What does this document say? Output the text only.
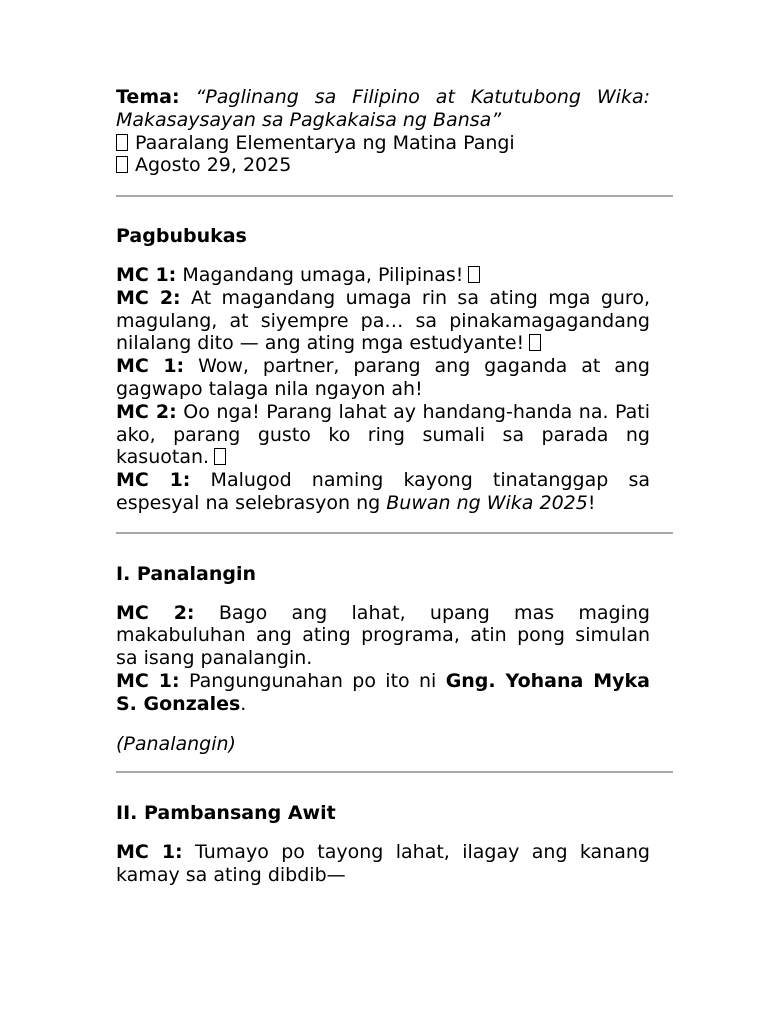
Tema: “Paglinang sa Filipino at Katutubong Wika: Makasaysayan sa Pagkakaisa ng Bansa”

Paaralang Elementarya ng Matina Pangi

Agosto 29, 2025

Pagbubukas

MC 1: Magandang umaga, Pilipinas!

MC 2: At magandang umaga rin sa ating mga guro, magulang, at siyempre pa… sa pinakamagagandang nilalang dito — ang ating mga estudyante!

MC 1: Wow, partner, parang ang gaganda at ang gagwapo talaga nila ngayon ah!

MC 2: Oo nga! Parang lahat ay handang-handa na. Pati ako, parang gusto ko ring sumali sa parada ng kasuotan.

MC 1: Malugod naming kayong tinatanggap sa espesyal na selebrasyon ng Buwan ng Wika 2025!

I. Panalangin

MC 2: Bago ang lahat, upang mas maging makabuluhan ang ating programa, atin pong simulan sa isang panalangin.

MC 1: Pangungunahan po ito ni Gng. Yohana Myka S. Gonzales.

(Panalangin)

II. Pambansang Awit

MC 1: Tumayo po tayong lahat, ilagay ang kanang kamay sa ating dibdib—
